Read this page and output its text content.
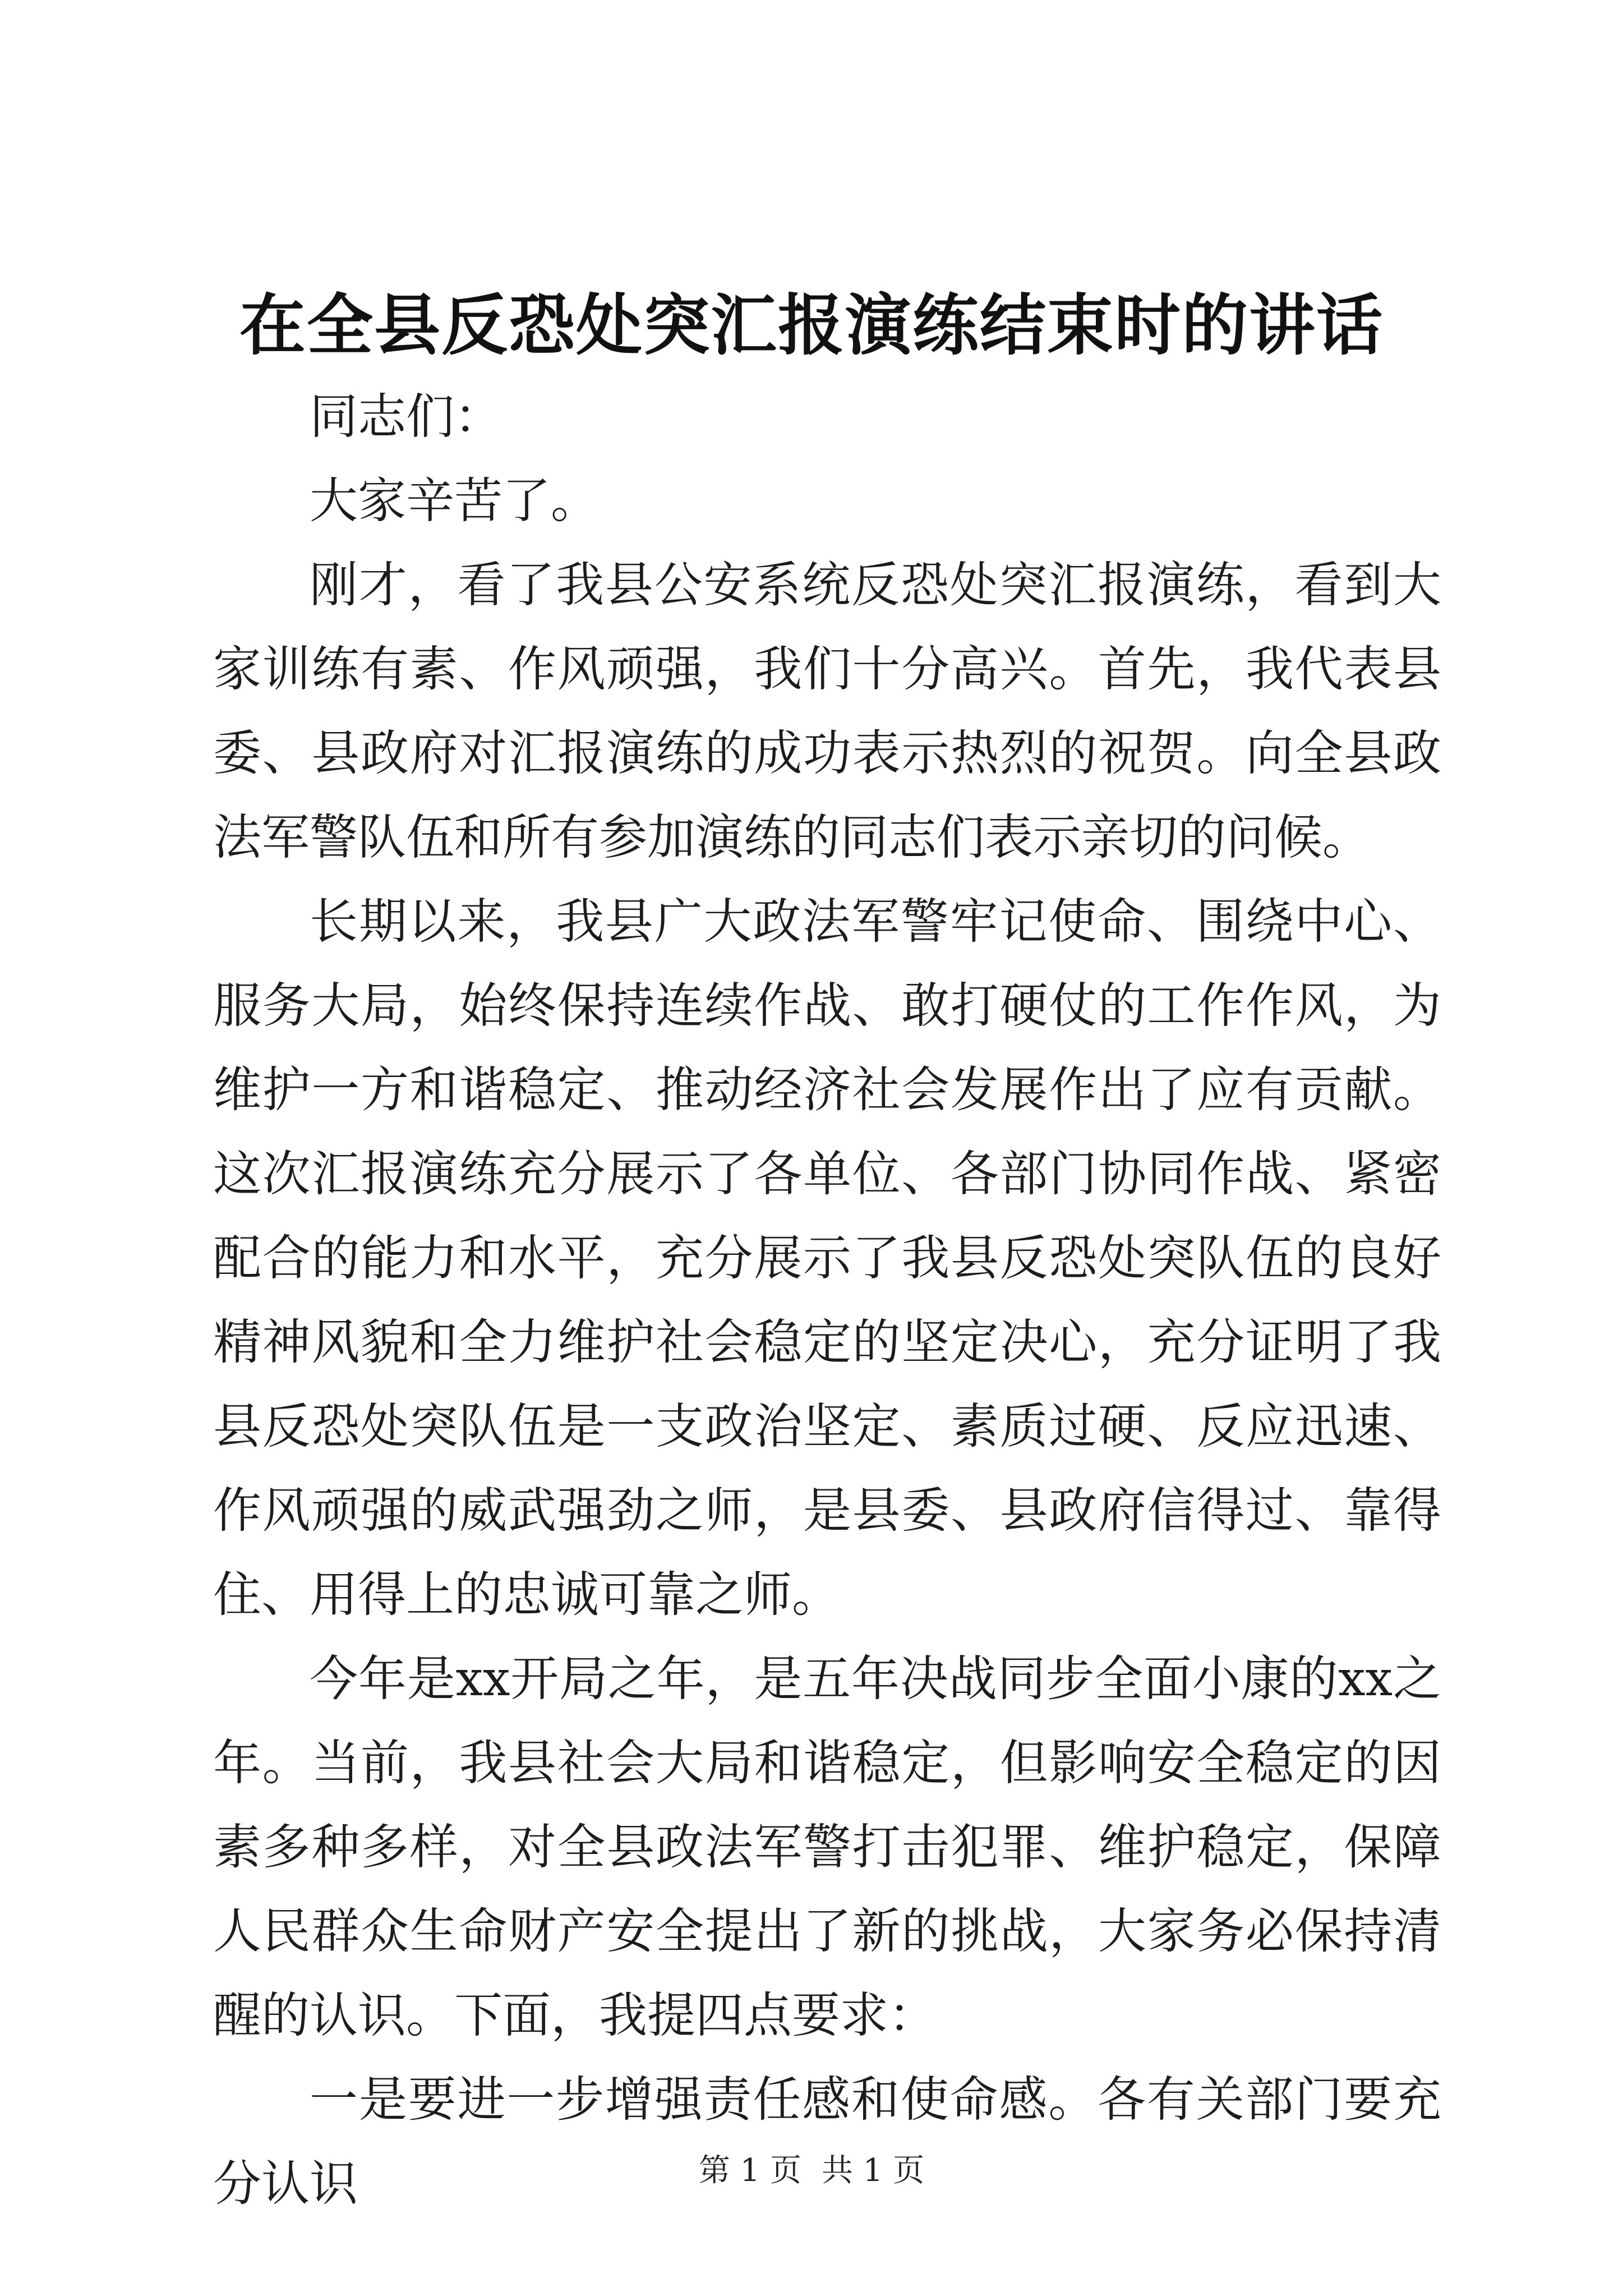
在全县反恐处突汇报演练结束时的讲话

同志们：

大家辛苦了。

刚才，看了我县公安系统反恐处突汇报演练，看到大家训练有素、作风顽强，我们十分高兴。首先，我代表县委、县政府对汇报演练的成功表示热烈的祝贺。向全县政法军警队伍和所有参加演练的同志们表示亲切的问候。

长期以来，我县广大政法军警牢记使命、围绕中心、服务大局，始终保持连续作战、敢打硬仗的工作作风，为维护一方和谐稳定、推动经济社会发展作出了应有贡献。这次汇报演练充分展示了各单位、各部门协同作战、紧密配合的能力和水平，充分展示了我县反恐处突队伍的良好精神风貌和全力维护社会稳定的坚定决心，充分证明了我县反恐处突队伍是一支政治坚定、素质过硬、反应迅速、作风顽强的威武强劲之师，是县委、县政府信得过、靠得住、用得上的忠诚可靠之师。

今年是xx开局之年，是五年决战同步全面小康的xx之年。当前，我县社会大局和谐稳定，但影响安全稳定的因素多种多样，对全县政法军警打击犯罪、维护稳定，保障人民群众生命财产安全提出了新的挑战，大家务必保持清醒的认识。下面，我提四点要求：

一是要进一步增强责任感和使命感。各有关部门要充分认识	第 1 页 共 1 页
